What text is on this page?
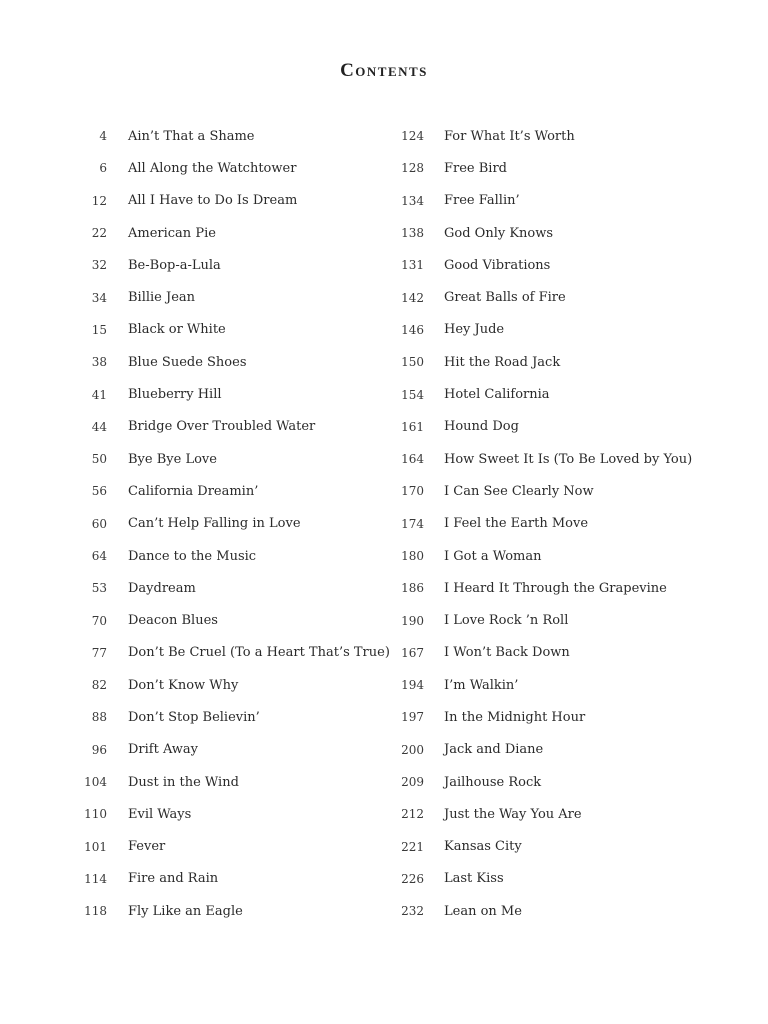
Contents
4 Ain’t That a Shame
6 All Along the Watchtower
12 All I Have to Do Is Dream
22 American Pie
32 Be-Bop-a-Lula
34 Billie Jean
15 Black or White
38 Blue Suede Shoes
41 Blueberry Hill
44 Bridge Over Troubled Water
50 Bye Bye Love
56 California Dreamin’
60 Can’t Help Falling in Love
64 Dance to the Music
53 Daydream
70 Deacon Blues
77 Don’t Be Cruel (To a Heart That’s True)
82 Don’t Know Why
88 Don’t Stop Believin’
96 Drift Away
104 Dust in the Wind
110 Evil Ways
101 Fever
114 Fire and Rain
118 Fly Like an Eagle
124 For What It’s Worth
128 Free Bird
134 Free Fallin’
138 God Only Knows
131 Good Vibrations
142 Great Balls of Fire
146 Hey Jude
150 Hit the Road Jack
154 Hotel California
161 Hound Dog
164 How Sweet It Is (To Be Loved by You)
170 I Can See Clearly Now
174 I Feel the Earth Move
180 I Got a Woman
186 I Heard It Through the Grapevine
190 I Love Rock ’n Roll
167 I Won’t Back Down
194 I’m Walkin’
197 In the Midnight Hour
200 Jack and Diane
209 Jailhouse Rock
212 Just the Way You Are
221 Kansas City
226 Last Kiss
232 Lean on Me
